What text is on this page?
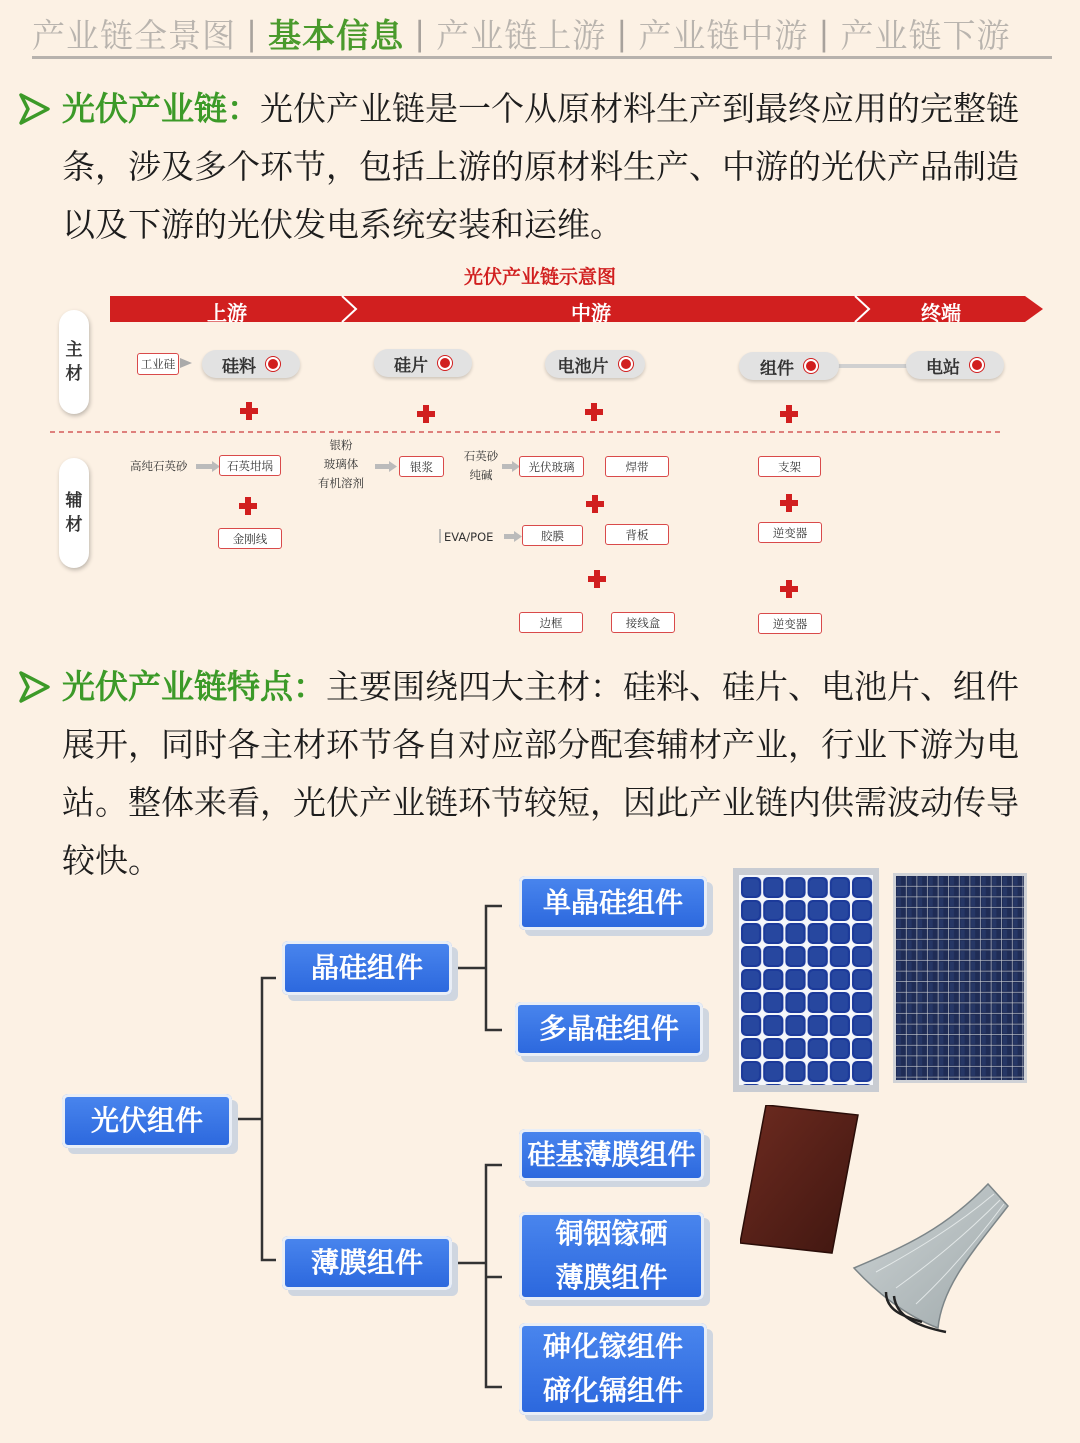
产业链全景图 | 基本信息 | 产业链上游 | 产业链中游 | 产业链下游
光伏产业链：光伏产业链是一个从原材料生产到最终应用的完整链条，涉及多个环节，包括上游的原材料生产、中游的光伏产品制造以及下游的光伏发电系统安装和运维。
光伏产业链示意图
上游	中游	终端
主
材
辅
材
工业硅	硅料	硅片	电池片	组件	电站
高纯石英砂	石英坩埚
金刚线
银粉
玻璃体
有机溶剂
银浆
石英砂
纯碱
光伏玻璃	焊带
EVA/POE	胶膜	背板
边框	接线盒
支架
逆变器
逆变器
光伏产业链特点：主要围绕四大主材：硅料、硅片、电池片、组件展开，同时各主材环节各自对应部分配套辅材产业，行业下游为电站。整体来看，光伏产业链环节较短，因此产业链内供需波动传导较快。
光伏组件
晶硅组件
薄膜组件
单晶硅组件
多晶硅组件
硅基薄膜组件
铜铟镓硒
薄膜组件
砷化镓组件
碲化镉组件
